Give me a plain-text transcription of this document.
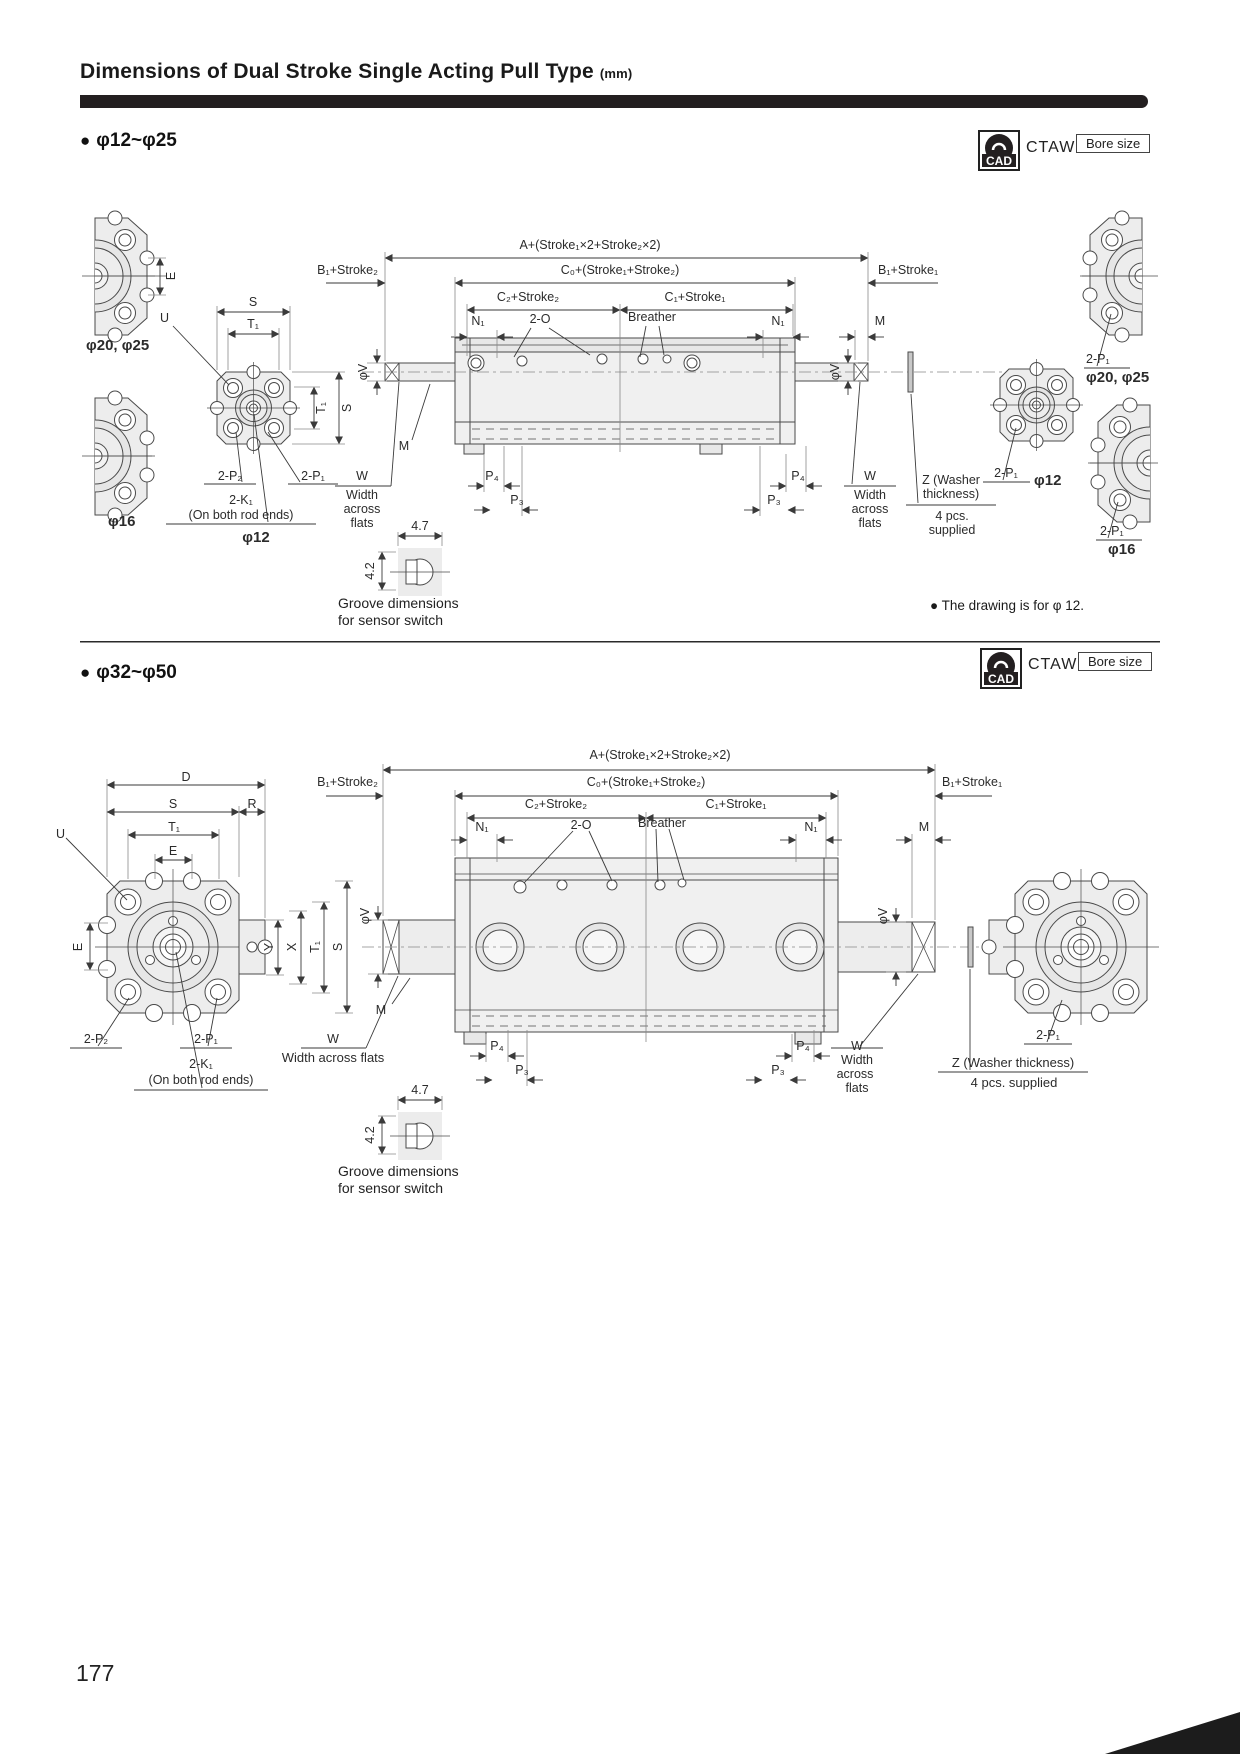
Dimensions of Dual Stroke Single Acting Pull Type (mm)
● φ12~φ25
CAD
CTAW Bore size
● φ32~φ50	CAD
CTAW Bore size
A+(Stroke₁×2+Stroke₂×2)
B₁+Stroke₂	C₀+(Stroke₁+Stroke₂)	B₁+Stroke₁
C₂+Stroke₂	C₁+Stroke₁
N₁	2-O	Breather	N₁	M
φV	φV
M
P₄
P₃
P₄
P₃
W
Width
across
flats
W
Width
across
flats
Z (Washer
thickness)
4 pcs.
supplied
2-P₁ φ12
2-P₁
φ20, φ25
2-P₁
φ16
S
T₁
U
T₁ S
2-P₂	2-P₁
2-K₁
(On both rod ends)
φ12
φ20, φ25
E
φ16	4.7
4.2
Groove dimensions
for sensor switch
● The drawing is for φ 12.
A+(Stroke₁×2+Stroke₂×2)
B₁+Stroke₂	C₀+(Stroke₁+Stroke₂)	B₁+Stroke₁
C₂+Stroke₂	C₁+Stroke₁
N₁	2-O	Breather	N₁	M
D
S	R
T₁
E
U
E	Y X T₁ S
φV	φV
2-P₂	2-P₁
2-K₁
(On both rod ends)
M
P₄
P₃
P₄
P₃
W
Width across flats
W
Width
across
flats
Z (Washer thickness)
4 pcs. supplied
2-P₁
4.7
4.2
Groove dimensions
for sensor switch
177
